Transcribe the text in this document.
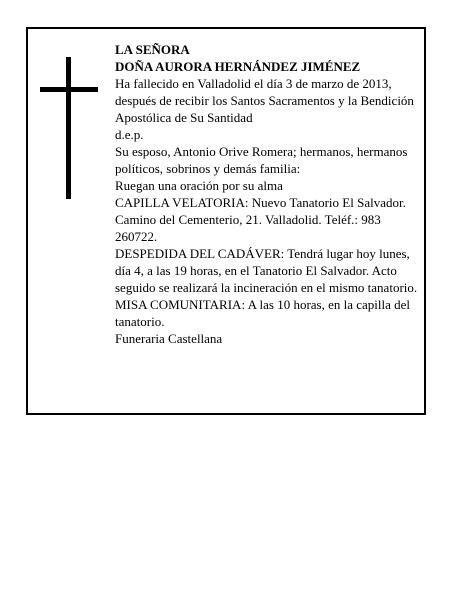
LA SEÑORA

DOÑA AURORA HERNÁNDEZ JIMÉNEZ

Ha fallecido en Valladolid el día 3 de marzo de 2013, después de recibir los Santos Sacramentos y la Bendición Apostólica de Su Santidad

d.e.p.

Su esposo, Antonio Orive Romera; hermanos, hermanos políticos, sobrinos y demás familia:

Ruegan una oración por su alma

CAPILLA VELATORIA: Nuevo Tanatorio El Salvador. Camino del Cementerio, 21. Valladolid. Teléf.: 983 260722.

DESPEDIDA DEL CADÁVER: Tendrá lugar hoy lunes, día 4, a las 19 horas, en el Tanatorio El Salvador. Acto seguido se realizará la incineración en el mismo tanatorio.

MISA COMUNITARIA: A las 10 horas, en la capilla del tanatorio.

Funeraria Castellana
